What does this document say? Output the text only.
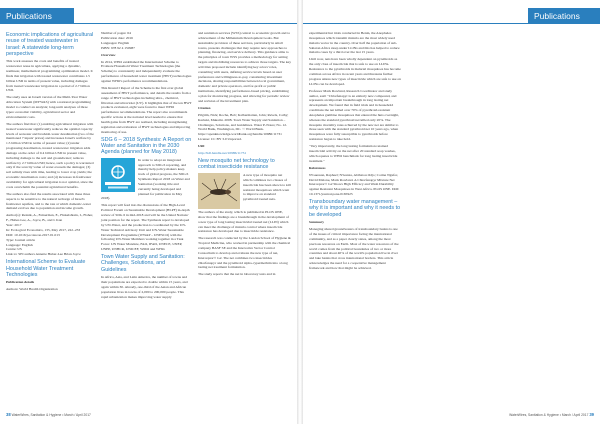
Publications
Economic implications of agricultural reuse of treated wastewater in Israel: A statewide long-term perspective

This work assesses the costs and benefits of treated wastewater reuse in agriculture, applying a dynamic, nonlinear, mathematical programming optimisation model. It finds that irrigation with treated wastewater contributes 1.5 billion USD in terms of present value, including damages from treated wastewater irrigation in a period of 2.7 billion USD.

The study uses an Israeli version of the Multi-Year Water Allocation System (MYWAS) with a national programming model to conduct an analysis; long-term analyses of three types: economic viability, agricultural sector and environmental costs.

The authors find that: (1) enabling agricultural irrigation with treated wastewater significantly reduces the optimal capacity levels of seawater and brackish-water desalination (two of the mentioned 7 inputs' prices) and increases Israel's welfare by 1.5 billion USD in terms of present value; (2) under progressing desalination, treated wastewater irrigation adds damage on the order of 0.4 billion USD in present value, including damage to the soil and groundwater; reduces welfare by 2.7 billion USD; hence, such a policy is warranted only if the scarcity value of water exceeds the damages; (3) soil salinity rises with time, leading to lower crop yields; the economic desalination costs; and (4) increases in freshwater availability for agricultural irrigation is not optimal, since the costs overwhelm the potential agricultural benefits.

The authors also find the results associated with these three aspects to be sensitive to the natural recharge of Israel's freshwater aquifers, and to the rate at which domestic-water demand evolves due to population and income growth.

Author(s): Reznik, A., Feinerman, E., Finkelshtain, I., Fisher, F., Huber-Lee, A., Joyce, B., and I. Kan

Year: 2017

In: Ecological Economics, 135, May 2017, 222–233

DOI: 10.1016/j.ecolecon.2017.01.013

Type: Journal article

Language: English

Centre: US

Link to: SEI authors Annette Huber-Lee Brian Joyce

International Scheme to Evaluate Household Water Treatment Technologies

Publication details

Authors: World Health Organization

Number of pages: 64

Publication date: 2016

Languages: English

ISBN: 978 92 4 150987

Overview

In 2014, WHO established the International Scheme to Evaluate Household Water Treatment Technologies (the Scheme) to consistently and independently evaluate the performance of household water treatment (HWT) technologies against WHO's performance recommendations.

This Round I Report of the Scheme is the first ever global assessment of HWT performance, and details the results from a range of HWT technologies including ultra-, chemical, filtration and ultraviolet (UV). It highlights that of the ten HWT products evaluated, eight were found to meet WHO performance recommendations. The report also recommends specific actions at the national level needed to ensure that health gains from HWT are realised, including strengthening regulation and evaluation of HWT technologies and improving monitoring of use.

SDG 6 – 2018 Synthesis: A Report on Water and Sanitation in the 2030 Agenda (planned for May 2018)

In order to adopt an integrated approach to SDG 6 reporting, and thereby help policy-makers keep track of global progress, the SDG 6 Synthesis Report 2018 on Water and Sanitation (working title and currently being developed and planned for publication in May 2018).

This report will feed into the discussions of the High-Level Political Forum on Sustainable Development (HLPF) in-depth review of SDG 6 in mid-2018 and will be the United Nations' joint position for the report. The Synthesis report is developed by UN-Water, and the production is coordinated by the UN-Water Technical Advisory Unit and UN-Water Sustainable Development Programme (WWAP – UNESCO) with the following UN-Water Members working together in a Task Force: UN Water Mandate, FAO, IFAD, UNECE, UNEP, UNEP, UNHCR, UNICEF, WMO and WHO.

Town Water Supply and Sanitation: Challenges, Solutions, and Guidelines

In Africa, Asia, and Latin America, the number of towns and their populations are expected to double within 15 years, and again within 30. Already, one-third of the Asian and African population lives in towns of 2,000 to 200,000 people. This rapid urbanization makes improving water supply

and sanitation services (WSS) central to economic growth and to achievement of the Millennium Development Goals. But sustainable provision of these services, particularly in small towns, presents challenges that may require new approaches to planning, financing, and service delivery. This guidance aims to the principles of town WSS provides a methodology for setting targets and mobilising resources to achieve those targets. The key activities proposed include identifying key actors' roles, consulting with users, defining service levels based on user preferences and willingness-to-pay, considering investment decisions, sharing responsibilities between local government, domestic and private operators, and for-profit or public institutions, identifying performance-based pricing, establishing a plan for monitoring progress, and allowing for periodic review and revision of the investment plan.

Citation

Pilgrim, Nick; Roche, Bob; Kalbermatten, John; Revels, Cathy; Kariuki, Mukami. 2008. Town Water Supply and Sanitation – Challenges, Solutions, and Guidelines. Water P-Notes; No. 12. World Bank, Washington, DC. © World Bank. https://openknowledge.worldbank.org/handle/10986/11731 License: CC BY 3.0 Unported.

URI

http://hdl.handle.net/10986/11731

New mosquito net technology to combat insecticide resistance

A new type of mosquito net which combines two classes of insecticide has been shown to kill resistant mosquitoes which want to improve on standard pyrethroid treated nets.

The authors of the study, which is published in PLOS ONE, show that the findings are a breakthrough in the development of a new type of long lasting insecticidal treated net (LLIN) which can meet the challenge of malaria control where insecticide resistance has developed due to insecticide resistance.

The research was conducted by the London School of Hygiene & Tropical Medicine, who worked in partnership with the chemical company BASF SE and the Innovative Vector Control Consortium to develop and evaluate the new type of net, Interceptor® G2. The net combines two insecticides chlorfenapyr and the pyrethroid alpha-cypermethrin into a long lasting net treatment formulation.

The study reports that the net in laboratory tests and in

38 WaterWires, Sanitation & Hygiene • March / April 2017
Publications

experimental hut trials conducted in Benin, the Anopheles mosquitoes which transmit malaria are the most widely used malaria vector in the country. Over half the population of sub-Saharan Africa sleep under LLINs and this has helped to reduce malaria cases by a third over the last 15 years.

Until now, nets have been wholly dependent on pyrethroids as the only class of insecticide that is safe to use on LLINs. Resistance to the pyrethroids in malarial mosquitoes has become common across Africa in recent years and threatens further progress unless new types of insecticide which are safe to use on LLINs can be developed.

Professor Mark Rowland, Research Coordinator and study author, said: "Chlorfenapyr is an entirely new compound, and represents an important breakthrough in long lasting net development. We found that in field trials and in household conditions the net killed over 70% of pyrethroid-resistant Anopheles gambiae mosquitoes that entered the huts overnight, whereas the standard pyrethroid net killed only 20%. The mosquito mortality rates achieved by the new net are similar to those seen with the standard pyrethroid net 10 years ago, when mosquitoes were fully susceptible to pyrethroids before resistance began to take hold.

"Very importantly, the long lasting formulation retained insecticidal activity on the net after 20 standard soap washes, which equates to WHO benchmark for long lasting insecticide treatment."

References

N'Guessan, Raphael; N'Gunza, Abibatou Odjo; Corine Ngufor, David Malone, Mark Rowland. A Chlorfenapyr Mixture Net Interceptor® G2 Shows High Efficacy and Wash Durability against Resistant Mosquitoes in West Africa. PLOS ONE. DOI: 10.1371/journal.pone.0165925

Transboundary water management – why it is important and why it needs to be developed

Summary

Managing shared groundwaters of transboundary basins is one of the issues of critical importance facing the international community, and as a paper clearly states, among the most precious resources on Earth. Most of the water resources of the world comes from the political boundaries of two or more countries and about 40% of the world's population live in river and lake basins that cross international borders. This article acknowledges the need for a cooperative management framework and how that might be achieved.

WaterWires, Sanitation & Hygiene • March / April 2017 39
